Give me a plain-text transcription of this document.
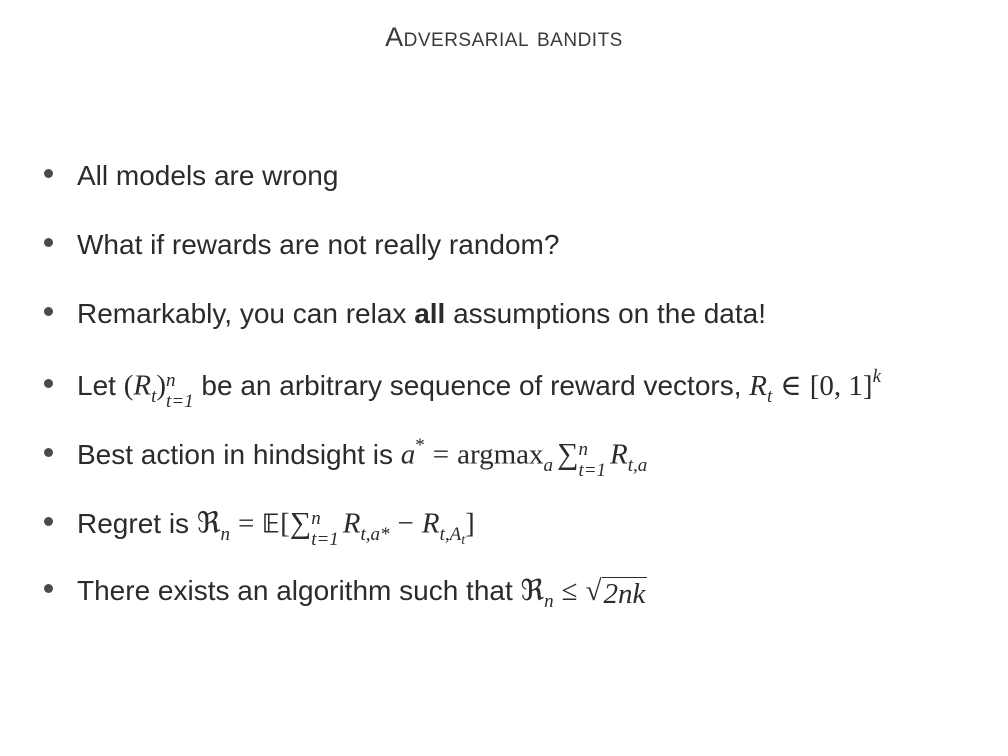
Adversarial bandits
All models are wrong
What if rewards are not really random?
Remarkably, you can relax all assumptions on the data!
Let $(R_t)$ n
t=1
be an arbitrary sequence of reward vectors, $R_t$ ∈ [0, 1]$^k$
Best action in hindsight is a* = argmax$_a$ ∑ n
t=1 $R_{t,a}$
Regret is ℜ$_n$ = 𝔼[∑ n
t=1 $R_{t,a*} - R_{t,At}$]
There exists an algorithm such that ℜ$_n$ ≤ √ 2nk
